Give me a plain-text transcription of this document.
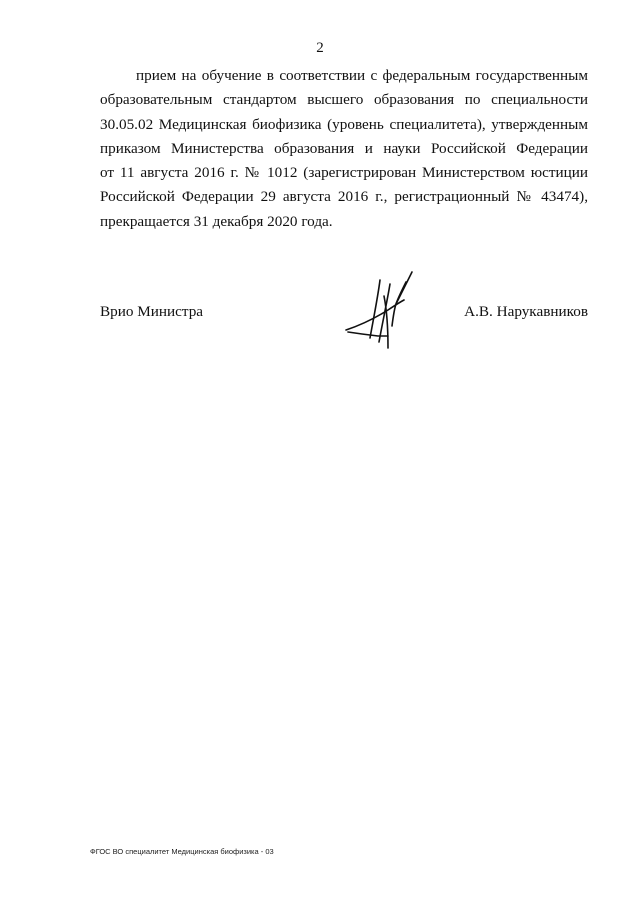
2
прием на обучение в соответствии с федеральным государственным
образовательным стандартом высшего образования по специальности
30.05.02 Медицинская биофизика (уровень специалитета), утвержденным
приказом Министерства образования и науки Российской Федерации
от 11 августа 2016 г. № 1012 (зарегистрирован Министерством юстиции
Российской Федерации 29 августа 2016 г., регистрационный № 43474),
прекращается 31 декабря 2020 года.
Врио Министра	А.В. Нарукавников
ФГОС ВО специалитет Медицинская биофизика - 03
